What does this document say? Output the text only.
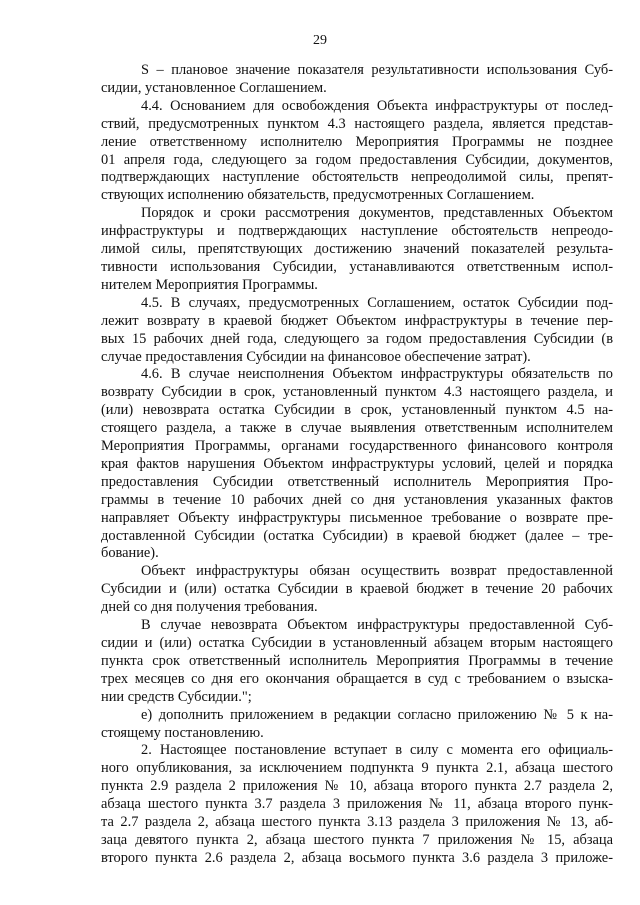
29
S – плановое значение показателя результативности использования Суб-
сидии, установленное Соглашением.
4.4. Основанием для освобождения Объекта инфраструктуры от послед-
ствий, предусмотренных пунктом 4.3 настоящего раздела, является представ-
ление ответственному исполнителю Мероприятия Программы не позднее
01 апреля года, следующего за годом предоставления Субсидии, документов,
подтверждающих наступление обстоятельств непреодолимой силы, препят-
ствующих исполнению обязательств, предусмотренных Соглашением.
Порядок и сроки рассмотрения документов, представленных Объектом
инфраструктуры и подтверждающих наступление обстоятельств непреодо-
лимой силы, препятствующих достижению значений показателей результа-
тивности использования Субсидии, устанавливаются ответственным испол-
нителем Мероприятия Программы.
4.5. В случаях, предусмотренных Соглашением, остаток Субсидии под-
лежит возврату в краевой бюджет Объектом инфраструктуры в течение пер-
вых 15 рабочих дней года, следующего за годом предоставления Субсидии (в
случае предоставления Субсидии на финансовое обеспечение затрат).
4.6. В случае неисполнения Объектом инфраструктуры обязательств по
возврату Субсидии в срок, установленный пунктом 4.3 настоящего раздела, и
(или) невозврата остатка Субсидии в срок, установленный пунктом 4.5 на-
стоящего раздела, а также в случае выявления ответственным исполнителем
Мероприятия Программы, органами государственного финансового контроля
края фактов нарушения Объектом инфраструктуры условий, целей и порядка
предоставления Субсидии ответственный исполнитель Мероприятия Про-
граммы в течение 10 рабочих дней со дня установления указанных фактов
направляет Объекту инфраструктуры письменное требование о возврате пре-
доставленной Субсидии (остатка Субсидии) в краевой бюджет (далее – тре-
бование).
Объект инфраструктуры обязан осуществить возврат предоставленной
Субсидии и (или) остатка Субсидии в краевой бюджет в течение 20 рабочих
дней со дня получения требования.
В случае невозврата Объектом инфраструктуры предоставленной Суб-
сидии и (или) остатка Субсидии в установленный абзацем вторым настоящего
пункта срок ответственный исполнитель Мероприятия Программы в течение
трех месяцев со дня его окончания обращается в суд с требованием о взыска-
нии средств Субсидии.";
е) дополнить приложением в редакции согласно приложению № 5 к на-
стоящему постановлению.
2. Настоящее постановление вступает в силу с момента его официаль-
ного опубликования, за исключением подпункта 9 пункта 2.1, абзаца шестого
пункта 2.9 раздела 2 приложения № 10, абзаца второго пункта 2.7 раздела 2,
абзаца шестого пункта 3.7 раздела 3 приложения № 11, абзаца второго пунк-
та 2.7 раздела 2, абзаца шестого пункта 3.13 раздела 3 приложения № 13, аб-
заца девятого пункта 2, абзаца шестого пункта 7 приложения № 15, абзаца
второго пункта 2.6 раздела 2, абзаца восьмого пункта 3.6 раздела 3 приложе-
